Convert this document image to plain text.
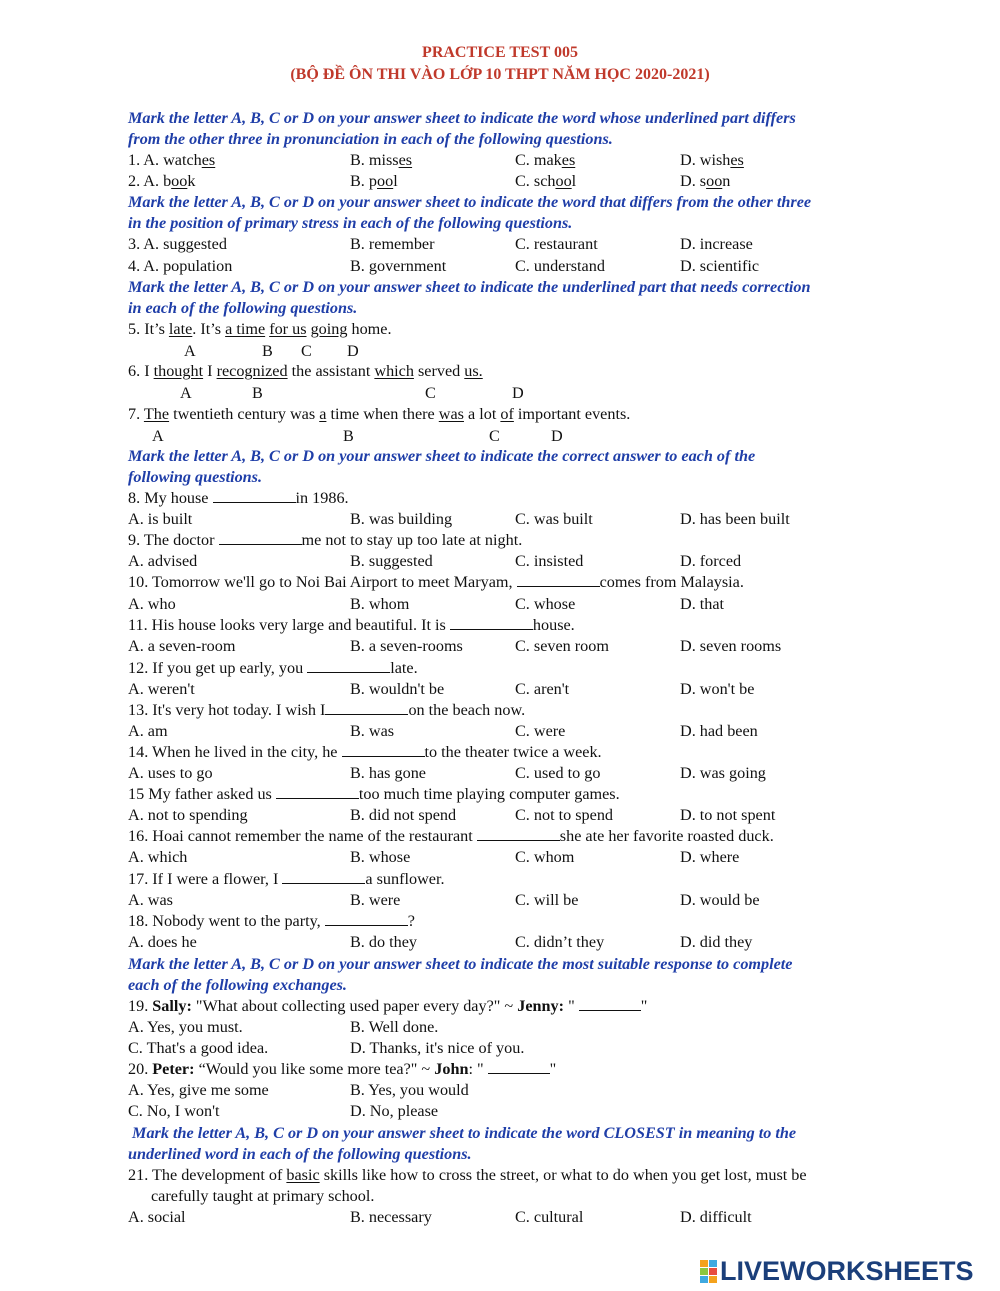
PRACTICE TEST 005
(BỘ ĐỀ ÔN THI VÀO LỚP 10 THPT NĂM HỌC 2020-2021)
Mark the letter A, B, C or D on your answer sheet to indicate the word whose underlined part differs
from the other three in pronunciation in each of the following questions.
1. A. watches	B. misses	C. makes	D. wishes
2. A. book	B. pool	C. school	D. soon
Mark the letter A, B, C or D on your answer sheet to indicate the word that differs from the other three
in the position of primary stress in each of the following questions.
3. A. suggested	B. remember	C. restaurant	D. increase
4. A. population	B. government	C. understand	D. scientific
Mark the letter A, B, C or D on your answer sheet to indicate the underlined part that needs correction
in each of the following questions.
5. It’s late. It’s a time for us going home.
A	B C D
6. I thought I recognized the assistant which served us.
A	B	C	D
7. The twentieth century was a time when there was a lot of important events.
A	B	C	D
Mark the letter A, B, C or D on your answer sheet to indicate the correct answer to each of the
following questions.
8. My house	in 1986.
A. is built	B. was building	C. was built	D. has been built
9. The doctor	me not to stay up too late at night.
A. advised	B. suggested	C. insisted	D. forced
10. Tomorrow we'll go to Noi Bai Airport to meet Maryam,	comes from Malaysia.
A. who	B. whom	C. whose	D. that
11. His house looks very large and beautiful. It is	house.
A. a seven-room	B. a seven-rooms	C. seven room	D. seven rooms
12. If you get up early, you	late.
A. weren't	B. wouldn't be	C. aren't	D. won't be
13. It's very hot today. I wish I	on the beach now.
A. am	B. was	C. were	D. had been
14. When he lived in the city, he	to the theater twice a week.
A. uses to go	B. has gone	C. used to go	D. was going
15 My father asked us	too much time playing computer games.
A. not to spending	B. did not spend	C. not to spend	D. to not spent
16. Hoai cannot remember the name of the restaurant	she ate her favorite roasted duck.
A. which	B. whose	C. whom	D. where
17. If I were a flower, I	a sunflower.
A. was	B. were	C. will be	D. would be
18. Nobody went to the party,	?
A. does he	B. do they	C. didn’t they	D. did they
Mark the letter A, B, C or D on your answer sheet to indicate the most suitable response to complete
each of the following exchanges.
19. Sally: "What about collecting used paper every day?" ~ Jenny: "	"
A. Yes, you must.	B. Well done.
C. That's a good idea.	D. Thanks, it's nice of you.
20. Peter: “Would you like some more tea?" ~ John: "	"
A. Yes, give me some	B. Yes, you would
C. No, I won't	D. No, please
Mark the letter A, B, C or D on your answer sheet to indicate the word CLOSEST in meaning to the
underlined word in each of the following questions.
21. The development of basic skills like how to cross the street, or what to do when you get lost, must be
carefully taught at primary school.
A. social	B. necessary	C. cultural	D. difficult
LIVEWORKSHEETS
